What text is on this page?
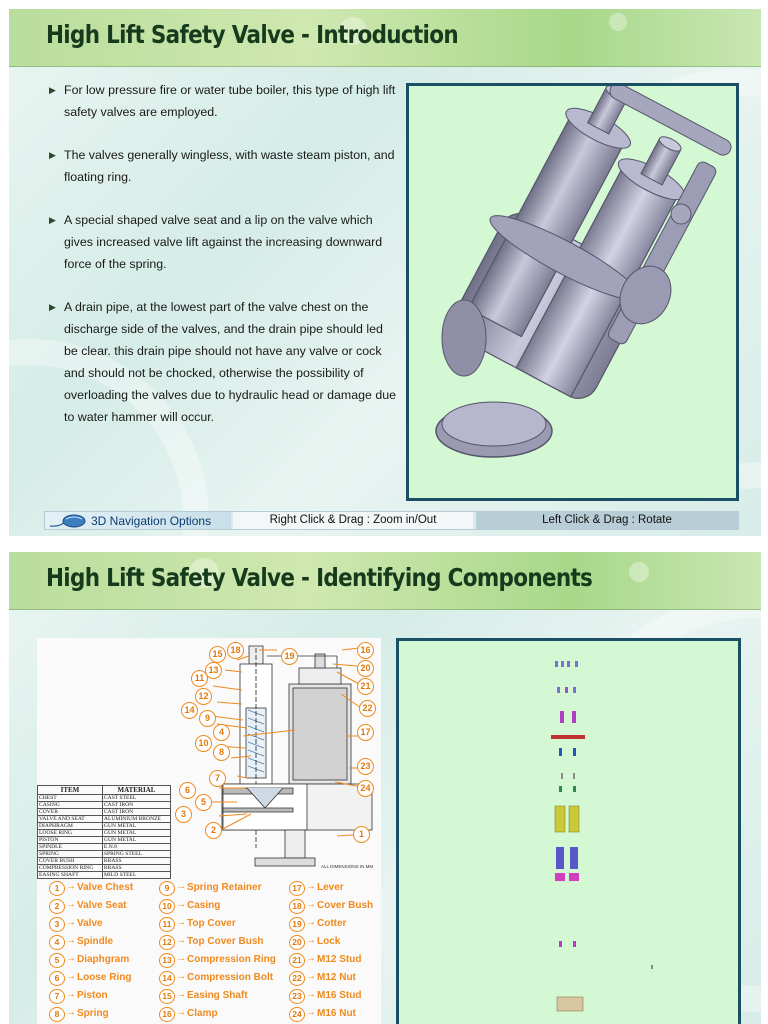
High Lift Safety Valve - Introduction
▶ For low pressure fire or water tube boiler, this type of high lift safety valves are employed.
▶ The valves generally wingless, with waste steam piston, and floating ring.
▶ A special shaped valve seat and a lip on the valve which gives increased valve lift against the increasing downward force of the spring.
▶ A drain pipe, at the lowest part of the valve chest on the discharge side of the valves, and the drain pipe should led be clear. this drain pipe should not have any valve or cock and should not be chocked, otherwise the possibility of overloading the valves due to hydraulic head or damage due to water hammer will occur.
3D Navigation Options	Right Click & Drag : Zoom in/Out	Left Click & Drag : Rotate
High Lift Safety Valve - Identifying Components
18
15	19
16
13	20
11
21
12
14	22
9
4	17
10
8
23
7
6	24
5
3
2	1
ITEM	MATERIAL
CHEST	CAST STEEL
CASING	CAST IRON
COVER	CAST IRON
VALVE AND SEAT	ALUMINIUM BRONZE
DIAPHRAGM	GUN METAL
LOOSE RING	GUN METAL
PISTON	GUN METAL
SPINDLE	E.N.8
SPRING	SPRING STEEL
COVER BUSH	BRASS
COMPRESSION RING	BRASS
EASING SHAFT	MILD STEEL
ALL DIMENSIONS IN MM
1 → Valve Chest
2 → Valve Seat
3 → Valve
4 → Spindle
5 → Diaphgram
6 → Loose Ring
7 → Piston
8 → Spring
9 → Spring Retainer
10 → Casing
11 → Top Cover
12 → Top Cover Bush
13 → Compression Ring
14 → Compression Bolt
15 → Easing Shaft
16 → Clamp
17 → Lever
18 → Cover Bush
19 → Cotter
20 → Lock
21 → M12 Stud
22 → M12 Nut
23 → M16 Stud
24 → M16 Nut
